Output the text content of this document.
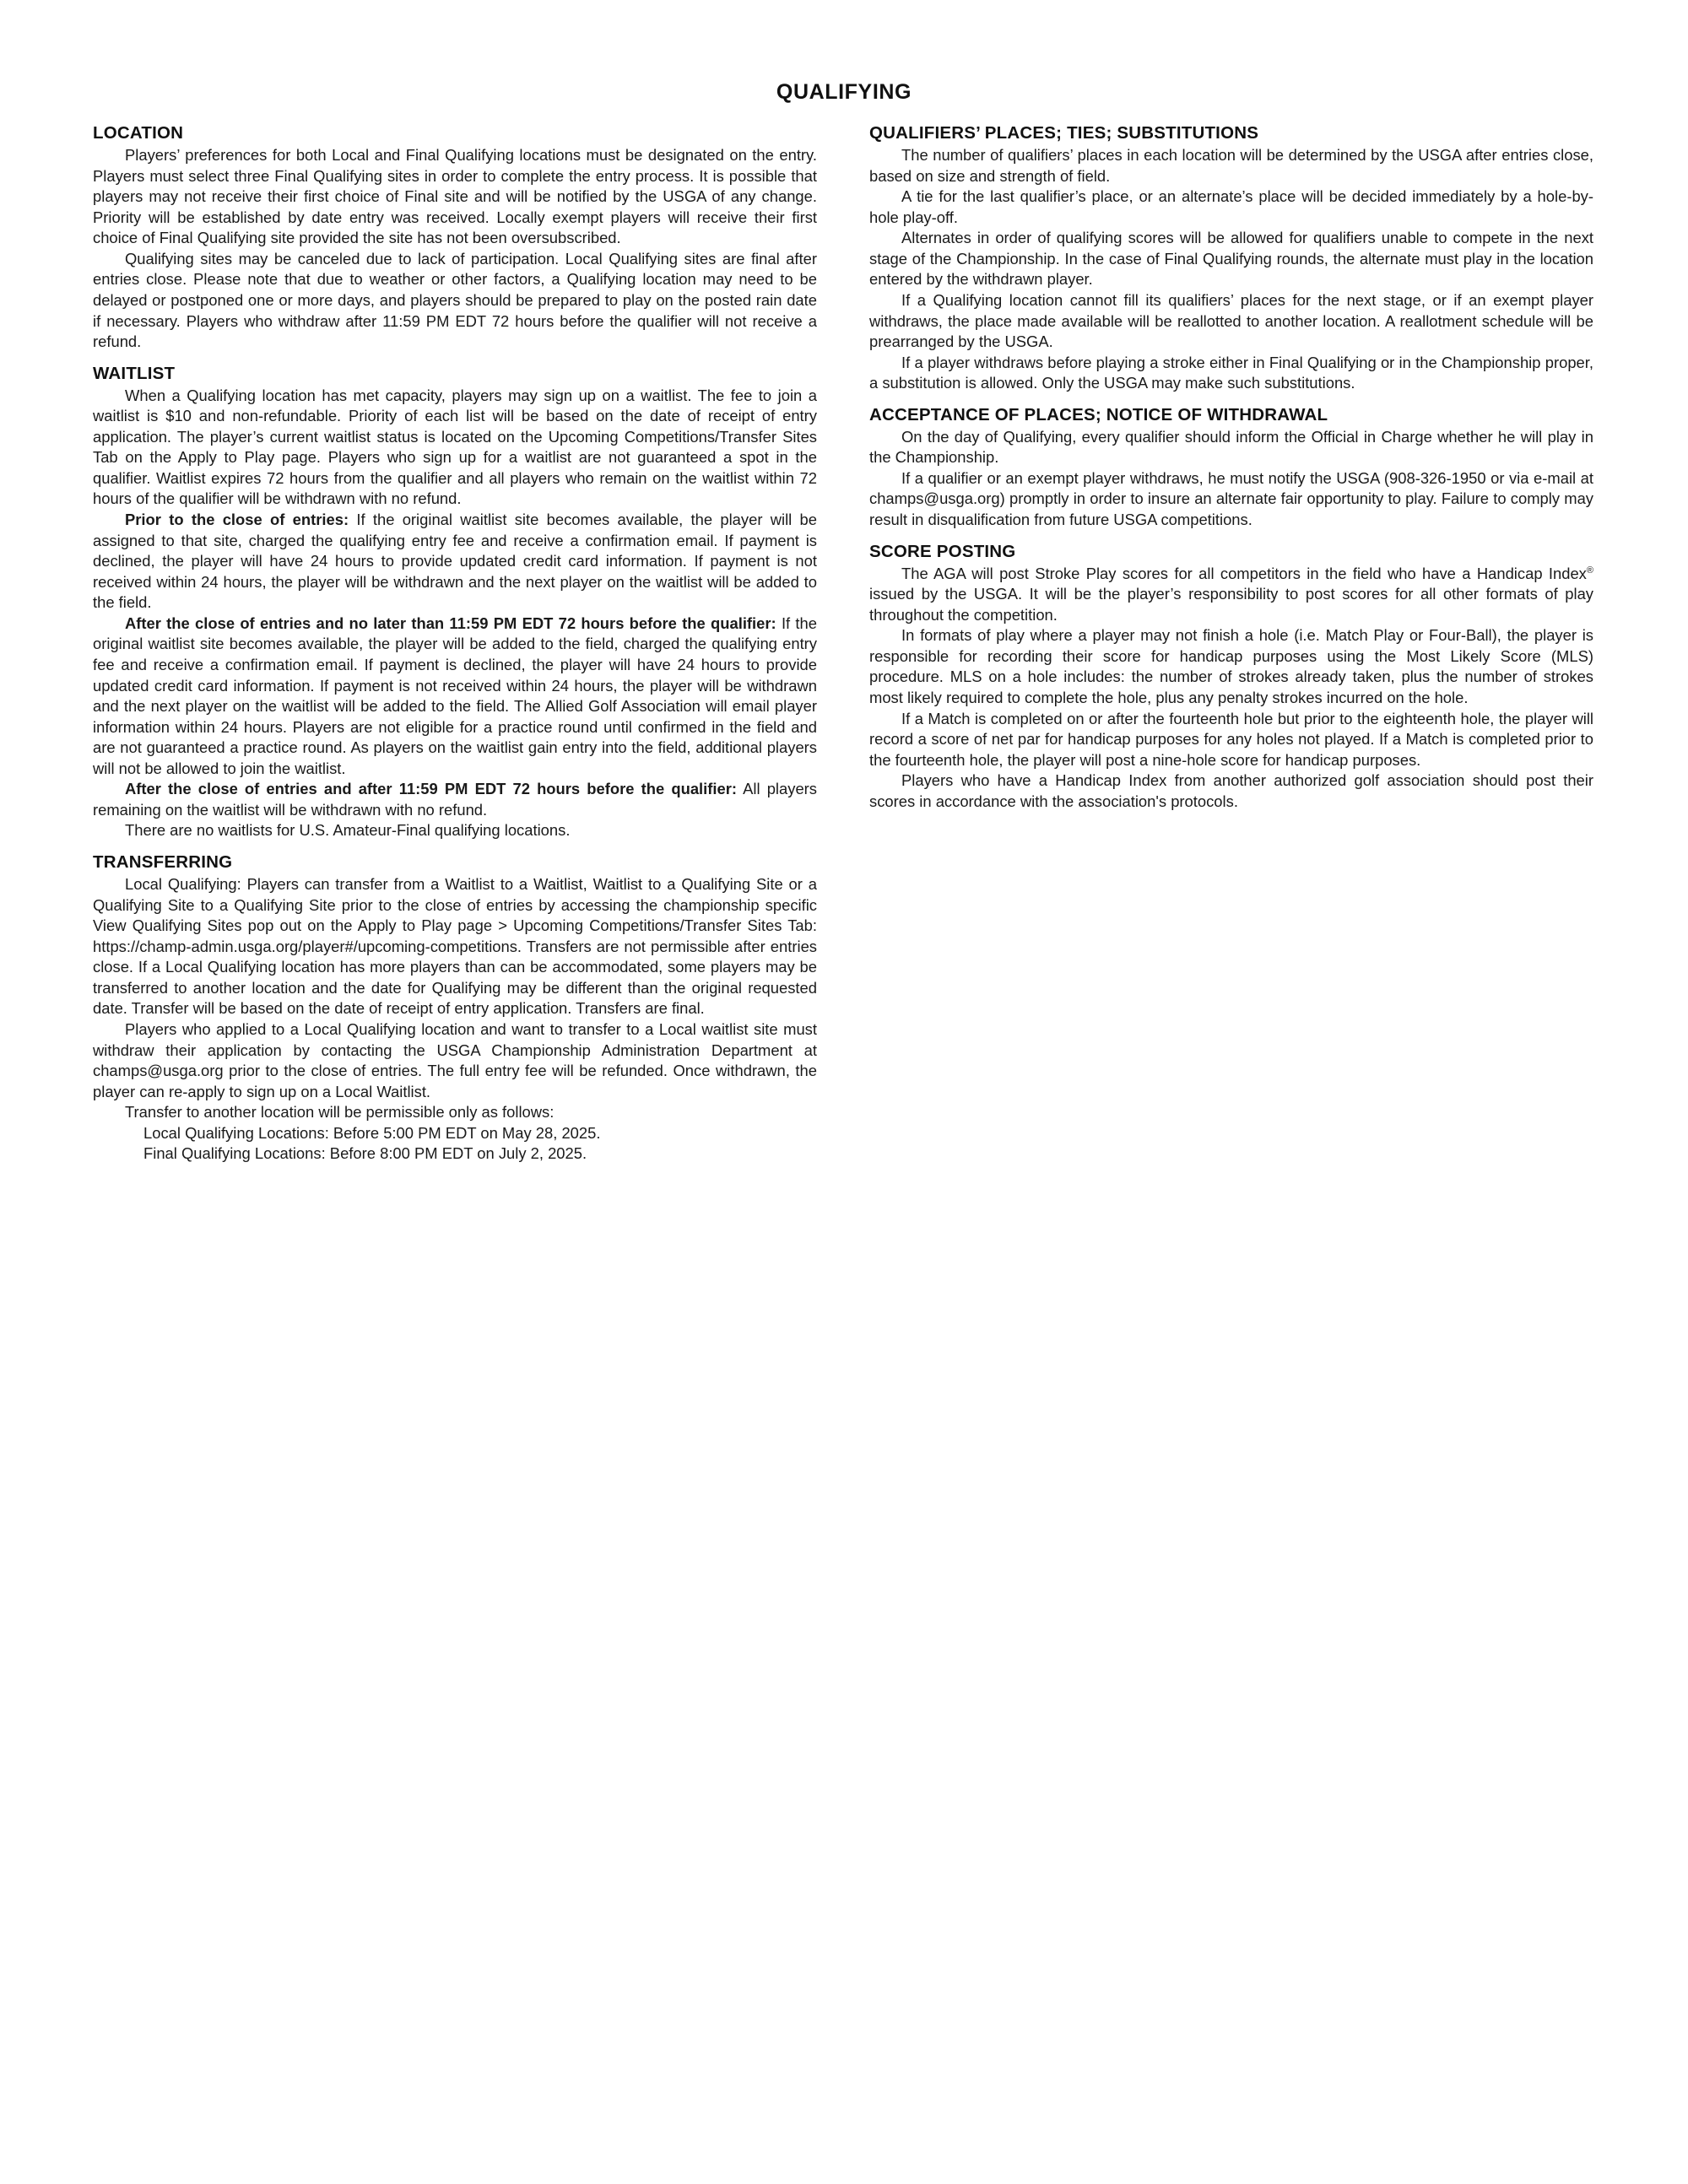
QUALIFYING
LOCATION

Players’ preferences for both Local and Final Qualifying locations must be designated on the entry. Players must select three Final Qualifying sites in order to complete the entry process. It is possible that players may not receive their first choice of Final site and will be notified by the USGA of any change. Priority will be established by date entry was received. Locally exempt players will receive their first choice of Final Qualifying site provided the site has not been oversubscribed.

Qualifying sites may be canceled due to lack of participation. Local Qualifying sites are final after entries close. Please note that due to weather or other factors, a Qualifying location may need to be delayed or postponed one or more days, and players should be prepared to play on the posted rain date if necessary. Players who withdraw after 11:59 PM EDT 72 hours before the qualifier will not receive a refund.

WAITLIST

When a Qualifying location has met capacity, players may sign up on a waitlist. The fee to join a waitlist is $10 and non-refundable. Priority of each list will be based on the date of receipt of entry application. The player’s current waitlist status is located on the Upcoming Competitions/Transfer Sites Tab on the Apply to Play page. Players who sign up for a waitlist are not guaranteed a spot in the qualifier. Waitlist expires 72 hours from the qualifier and all players who remain on the waitlist within 72 hours of the qualifier will be withdrawn with no refund.

Prior to the close of entries: If the original waitlist site becomes available, the player will be assigned to that site, charged the qualifying entry fee and receive a confirmation email. If payment is declined, the player will have 24 hours to provide updated credit card information. If payment is not received within 24 hours, the player will be withdrawn and the next player on the waitlist will be added to the field.

After the close of entries and no later than 11:59 PM EDT 72 hours before the qualifier: If the original waitlist site becomes available, the player will be added to the field, charged the qualifying entry fee and receive a confirmation email. If payment is declined, the player will have 24 hours to provide updated credit card information. If payment is not received within 24 hours, the player will be withdrawn and the next player on the waitlist will be added to the field. The Allied Golf Association will email player information within 24 hours. Players are not eligible for a practice round until confirmed in the field and are not guaranteed a practice round. As players on the waitlist gain entry into the field, additional players will not be allowed to join the waitlist.

After the close of entries and after 11:59 PM EDT 72 hours before the qualifier: All players remaining on the waitlist will be withdrawn with no refund.

There are no waitlists for U.S. Amateur-Final qualifying locations.

TRANSFERRING

Local Qualifying: Players can transfer from a Waitlist to a Waitlist, Waitlist to a Qualifying Site or a Qualifying Site to a Qualifying Site prior to the close of entries by accessing the championship specific View Qualifying Sites pop out on the Apply to Play page > Upcoming Competitions/Transfer Sites Tab: https://champ-admin.usga.org/player#/upcoming-competitions. Transfers are not permissible after entries close. If a Local Qualifying location has more players than can be accommodated, some players may be transferred to another location and the date for Qualifying may be different than the original requested date. Transfer will be based on the date of receipt of entry application. Transfers are final.

Players who applied to a Local Qualifying location and want to transfer to a Local waitlist site must withdraw their application by contacting the USGA Championship Administration Department at champs@usga.org prior to the close of entries. The full entry fee will be refunded. Once withdrawn, the player can re-apply to sign up on a Local Waitlist.

Transfer to another location will be permissible only as follows:

Local Qualifying Locations: Before 5:00 PM EDT on May 28, 2025.

Final Qualifying Locations: Before 8:00 PM EDT on July 2, 2025.

QUALIFIERS’ PLACES; TIES; SUBSTITUTIONS

The number of qualifiers’ places in each location will be determined by the USGA after entries close, based on size and strength of field.

A tie for the last qualifier’s place, or an alternate’s place will be decided immediately by a hole-by-hole play-off.

Alternates in order of qualifying scores will be allowed for qualifiers unable to compete in the next stage of the Championship. In the case of Final Qualifying rounds, the alternate must play in the location entered by the withdrawn player.

If a Qualifying location cannot fill its qualifiers’ places for the next stage, or if an exempt player withdraws, the place made available will be reallotted to another location. A reallotment schedule will be prearranged by the USGA.

If a player withdraws before playing a stroke either in Final Qualifying or in the Championship proper, a substitution is allowed. Only the USGA may make such substitutions.

ACCEPTANCE OF PLACES; NOTICE OF WITHDRAWAL

On the day of Qualifying, every qualifier should inform the Official in Charge whether he will play in the Championship.

If a qualifier or an exempt player withdraws, he must notify the USGA (908-326-1950 or via e-mail at champs@usga.org) promptly in order to insure an alternate fair opportunity to play. Failure to comply may result in disqualification from future USGA competitions.

SCORE POSTING

The AGA will post Stroke Play scores for all competitors in the field who have a Handicap Index® issued by the USGA. It will be the player’s responsibility to post scores for all other formats of play throughout the competition.

In formats of play where a player may not finish a hole (i.e. Match Play or Four-Ball), the player is responsible for recording their score for handicap purposes using the Most Likely Score (MLS) procedure. MLS on a hole includes: the number of strokes already taken, plus the number of strokes most likely required to complete the hole, plus any penalty strokes incurred on the hole.

If a Match is completed on or after the fourteenth hole but prior to the eighteenth hole, the player will record a score of net par for handicap purposes for any holes not played. If a Match is completed prior to the fourteenth hole, the player will post a nine-hole score for handicap purposes.

Players who have a Handicap Index from another authorized golf association should post their scores in accordance with the association's protocols.
